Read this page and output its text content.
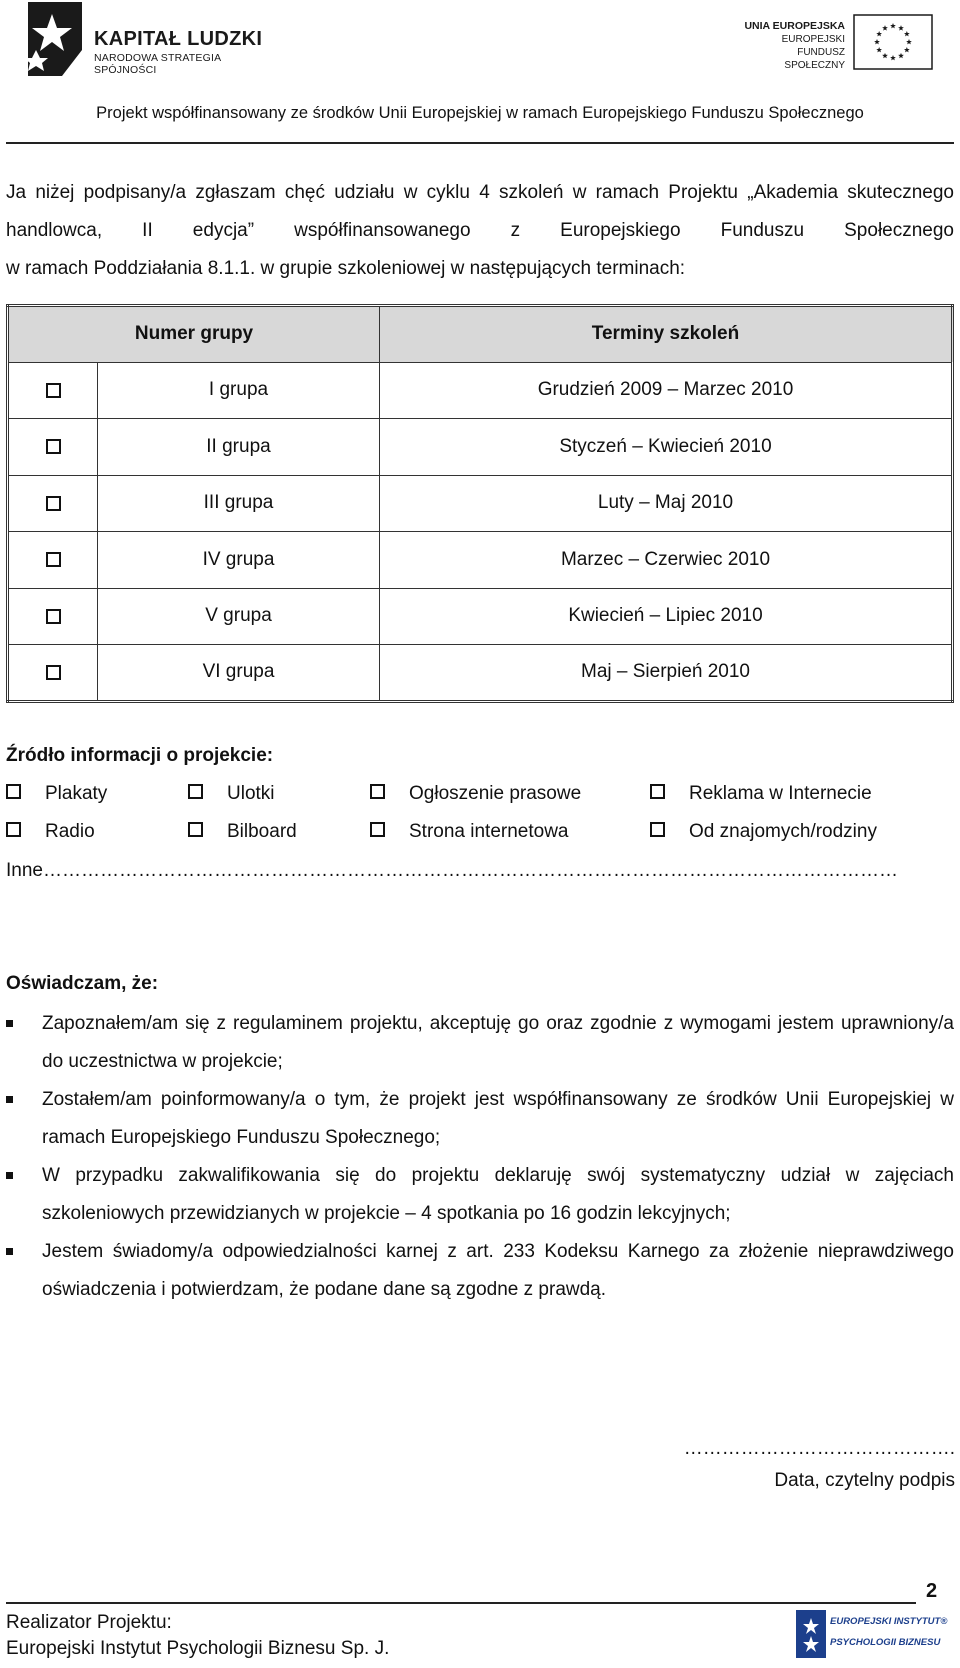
KAPITAŁ LUDZKI
NARODOWA STRATEGIA SPÓJNOŚCI
UNIA EUROPEJSKA
EUROPEJSKI
FUNDUSZ SPOŁECZNY
Projekt współfinansowany ze środków Unii Europejskiej w ramach Europejskiego Funduszu Społecznego
Ja niżej podpisany/a zgłaszam chęć udziału w cyklu 4 szkoleń w ramach Projektu „Akademia skutecznego handlowca, II edycja” współfinansowanego z Europejskiego Funduszu Społecznego
w ramach Poddziałania 8.1.1. w grupie szkoleniowej w następujących terminach:
Numer grupy		Terminy szkoleń
	I grupa	Grudzień 2009 – Marzec 2010
	II grupa	Styczeń – Kwiecień 2010
	III grupa	Luty – Maj 2010
	IV grupa	Marzec – Czerwiec 2010
	V grupa	Kwiecień – Lipiec 2010
	VI grupa	Maj – Sierpień 2010
Źródło informacji o projekcie:
Plakaty	Ulotki	Ogłoszenie prasowe	Reklama w Internecie
Radio	Bilboard	Strona internetowa	Od znajomych/rodziny
Inne………………………………………………………………………………………………………………………
Oświadczam, że:
Zapoznałem/am się z regulaminem projektu, akceptuję go oraz zgodnie z wymogami jestem uprawniony/a do uczestnictwa w projekcie;
Zostałem/am poinformowany/a o tym, że projekt jest współfinansowany ze środków Unii Europejskiej w ramach Europejskiego Funduszu Społecznego;
W przypadku zakwalifikowania się do projektu deklaruję swój systematyczny udział w zajęciach szkoleniowych przewidzianych w projekcie – 4 spotkania po 16 godzin lekcyjnych;
Jestem świadomy/a odpowiedzialności karnej z art. 233 Kodeksu Karnego za złożenie nieprawdziwego oświadczenia i potwierdzam, że podane dane są zgodne z prawdą.
…………………………………….
Data, czytelny podpis
2
Realizator Projektu:
Europejski Instytut Psychologii Biznesu Sp. J.
EUROPEJSKI INSTYTUT®
PSYCHOLOGII BIZNESU
